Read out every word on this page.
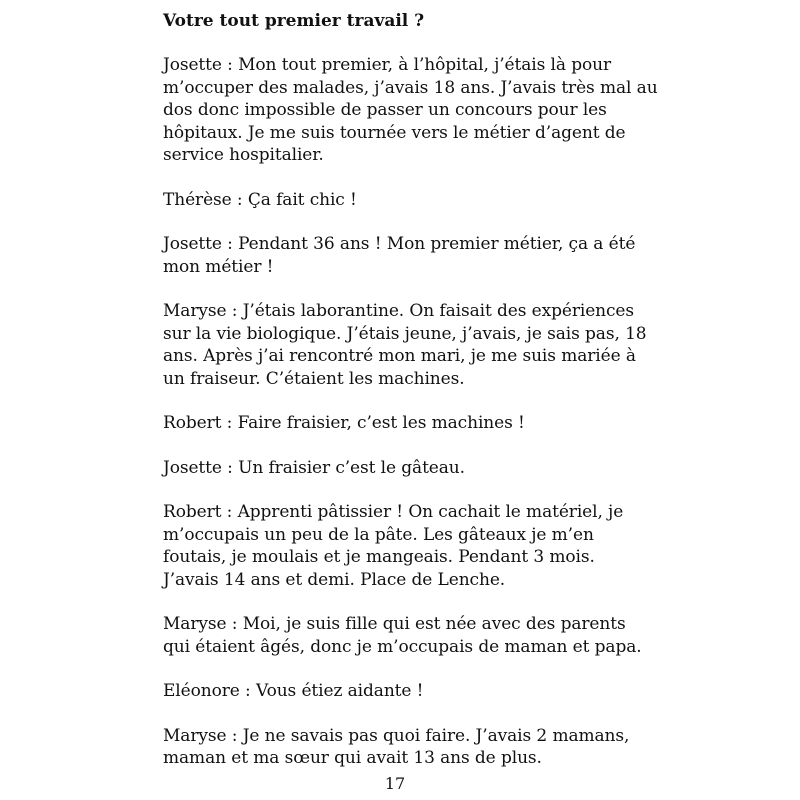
Votre tout premier travail ?
Josette : Mon tout premier, à l’hôpital, j’étais là pour
m’occuper des malades, j’avais 18 ans. J’avais très mal au
dos donc impossible de passer un concours pour les
hôpitaux. Je me suis tournée vers le métier d’agent de
service hospitalier.
Thérèse : Ça fait chic !
Josette : Pendant 36 ans ! Mon premier métier, ça a été
mon métier !
Maryse : J’étais laborantine. On faisait des expériences
sur la vie biologique. J’étais jeune, j’avais, je sais pas, 18
ans. Après j’ai rencontré mon mari, je me suis mariée à
un fraiseur. C’étaient les machines.
Robert : Faire fraisier, c’est les machines !
Josette : Un fraisier c’est le gâteau.
Robert : Apprenti pâtissier ! On cachait le matériel, je
m’occupais un peu de la pâte. Les gâteaux je m’en
foutais, je moulais et je mangeais. Pendant 3 mois.
J’avais 14 ans et demi. Place de Lenche.
Maryse : Moi, je suis fille qui est née avec des parents
qui étaient âgés, donc je m’occupais de maman et papa.
Eléonore : Vous étiez aidante !
Maryse : Je ne savais pas quoi faire. J’avais 2 mamans,
maman et ma sœur qui avait 13 ans de plus.
17
